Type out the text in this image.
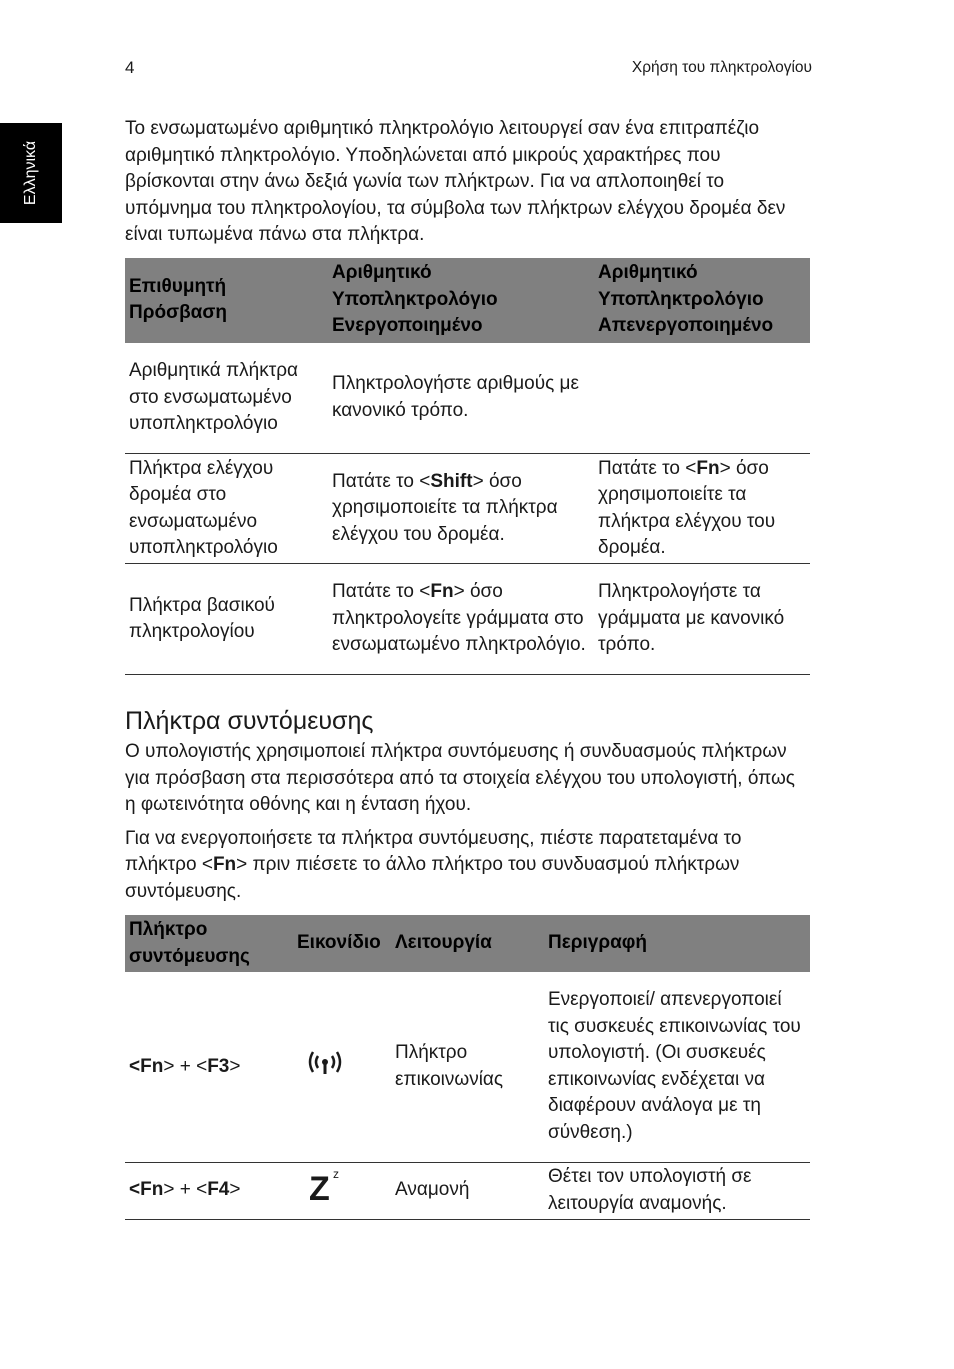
4	Χρήση του πληκτρολογίου
Ελληνικά

Το ενσωματωμένο αριθμητικό πληκτρολόγιο λειτουργεί σαν ένα επιτραπέζιο αριθμητικό πληκτρολόγιο. Υποδηλώνεται από μικρούς χαρακτήρες που βρίσκονται στην άνω δεξιά γωνία των πλήκτρων. Για να απλοποιηθεί το υπόμνημα του πληκτρολογίου, τα σύμβολα των πλήκτρων ελέγχου δρομέα δεν είναι τυπωμένα πάνω στα πλήκτρα.

Επιθυμητή Πρόσβαση	Αριθμητικό Υποπληκτρολόγιο Ενεργοποιημένο	Αριθμητικό Υποπληκτρολόγιο Απενεργοποιημένο
Αριθμητικά πλήκτρα στο ενσωματωμένο υποπληκτρολόγιο	Πληκτρολογήστε αριθμούς με κανονικό τρόπο.	
Πλήκτρα ελέγχου δρομέα στο ενσωματωμένο υποπληκτρολόγιο	Πατάτε το <Shift> όσο χρησιμοποιείτε τα πλήκτρα ελέγχου του δρομέα.	Πατάτε το <Fn> όσο χρησιμοποιείτε τα πλήκτρα ελέγχου του δρομέα.
Πλήκτρα βασικού πληκτρολογίου	Πατάτε το <Fn> όσο πληκτρολογείτε γράμματα στο ενσωματωμένο πληκτρολόγιο.	Πληκτρολογήστε τα γράμματα με κανονικό τρόπο.
Πλήκτρα συντόμευσης

Ο υπολογιστής χρησιμοποιεί πλήκτρα συντόμευσης ή συνδυασμούς πλήκτρων για πρόσβαση στα περισσότερα από τα στοιχεία ελέγχου του υπολογιστή, όπως η φωτεινότητα οθόνης και η ένταση ήχου.

Για να ενεργοποιήσετε τα πλήκτρα συντόμευσης, πιέστε παρατεταμένα το πλήκτρο <Fn> πριν πιέσετε το άλλο πλήκτρο του συνδυασμού πλήκτρων συντόμευσης.

Πλήκτρο συντόμευσης	Εικονίδιο	Λειτουργία	Περιγραφή
<Fn> + <F3>		Πλήκτρο επικοινωνίας	Ενεργοποιεί/ απενεργοποιεί τις συσκευές επικοινωνίας του υπολογιστή. (Οι συσκευές επικοινωνίας ενδέχεται να διαφέρουν ανάλογα με τη σύνθεση.)
<Fn> + <F4>	Z z	Αναμονή	Θέτει τον υπολογιστή σε λειτουργία αναμονής.
